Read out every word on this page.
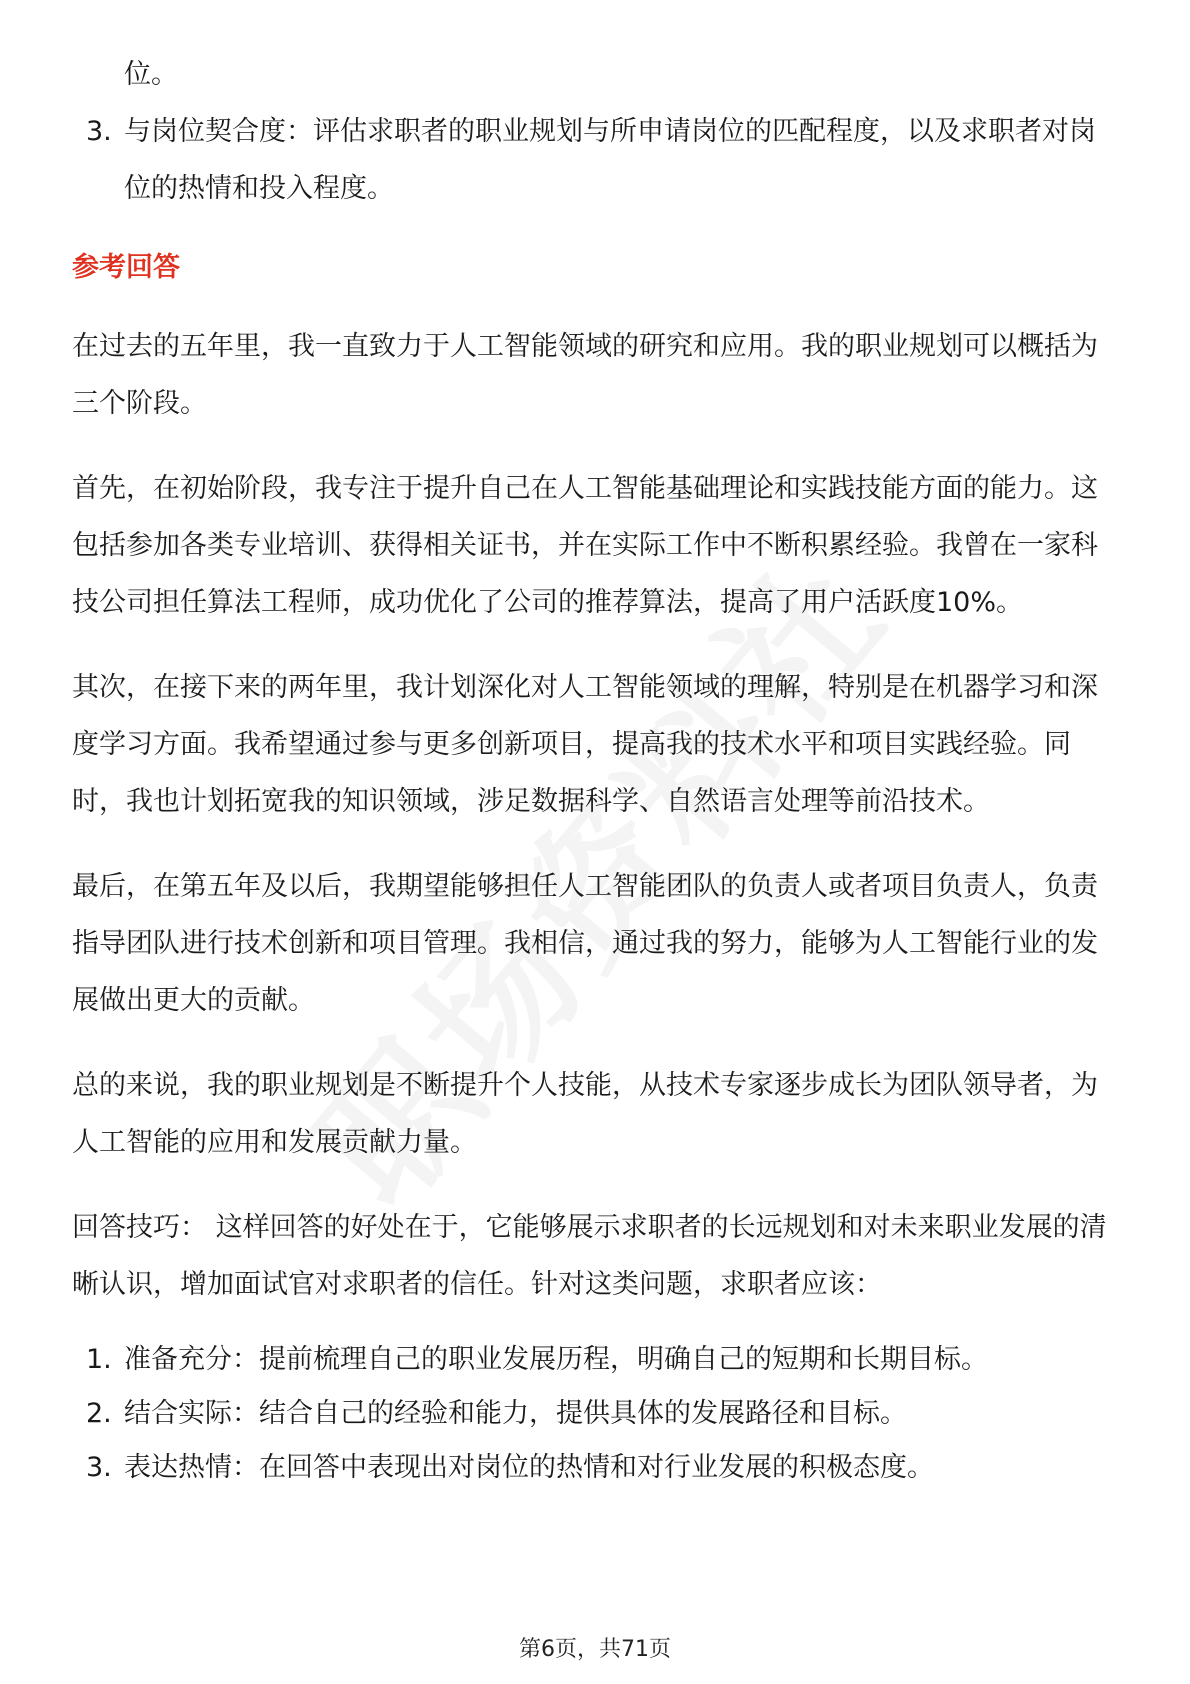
位。
3. 与岗位契合度：评估求职者的职业规划与所申请岗位的匹配程度，以及求职者对岗位的热情和投入程度。
参考回答

在过去的五年里，我一直致力于人工智能领域的研究和应用。我的职业规划可以概括为三个阶段。

首先，在初始阶段，我专注于提升自己在人工智能基础理论和实践技能方面的能力。这包括参加各类专业培训、获得相关证书，并在实际工作中不断积累经验。我曾在一家科技公司担任算法工程师，成功优化了公司的推荐算法，提高了用户活跃度10%。

其次，在接下来的两年里，我计划深化对人工智能领域的理解，特别是在机器学习和深度学习方面。我希望通过参与更多创新项目，提高我的技术水平和项目实践经验。同时，我也计划拓宽我的知识领域，涉足数据科学、自然语言处理等前沿技术。

最后，在第五年及以后，我期望能够担任人工智能团队的负责人或者项目负责人，负责指导团队进行技术创新和项目管理。我相信，通过我的努力，能够为人工智能行业的发展做出更大的贡献。

总的来说，我的职业规划是不断提升个人技能，从技术专家逐步成长为团队领导者，为人工智能的应用和发展贡献力量。

回答技巧： 这样回答的好处在于，它能够展示求职者的长远规划和对未来职业发展的清晰认识，增加面试官对求职者的信任。针对这类问题，求职者应该：

1. 准备充分：提前梳理自己的职业发展历程，明确自己的短期和长期目标。
2. 结合实际：结合自己的经验和能力，提供具体的发展路径和目标。
3. 表达热情：在回答中表现出对岗位的热情和对行业发展的积极态度。
第6页，共71页
